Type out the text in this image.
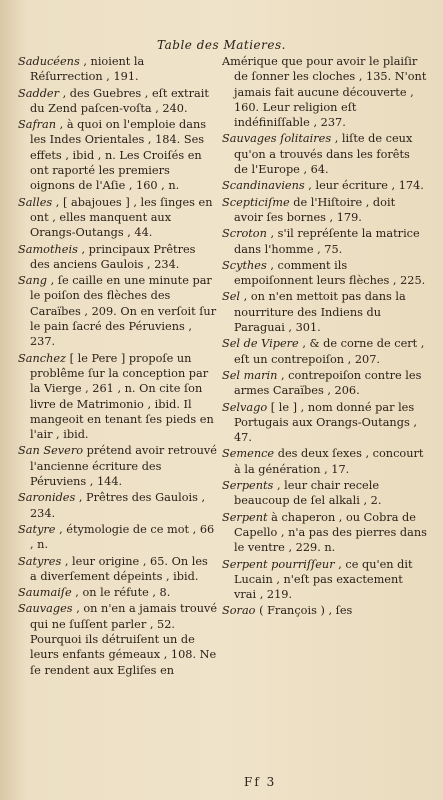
Table des Matieres.

Saducéens , nioient la Réſurrection , 191.

Sadder , des Guebres , eſt extrait du Zend paſcen-voſta , 240.

Safran , à quoi on l'emploie dans les Indes Orientales , 184. Ses effets , ibid , n. Les Croiſés en ont raporté les premiers oignons de l'Aſie , 160 , n.

Salles , [ abajoues ] , les ſinges en ont , elles manquent aux Orangs-Outangs , 44.

Samotheis , principaux Prêtres des anciens Gaulois , 234.

Sang , ſe caille en une minute par le poiſon des flèches des Caraïbes , 209. On en verſoit ſur le pain ſacré des Péruviens , 237.

Sanchez [ le Pere ] propoſe un problême ſur la conception par la Vierge , 261 , n. On cite ſon livre de Matrimonio , ibid. Il mangeoit en tenant ſes pieds en l'air , ibid.

San Severo prétend avoir retrouvé l'ancienne écriture des Péruviens , 144.

Saronides , Prêtres des Gaulois , 234.

Satyre , étymologie de ce mot , 66 , n.

Satyres , leur origine , 65. On les a diverſement dépeints , ibid.

Saumaiſe , on le réfute , 8.

Sauvages , on n'en a jamais trouvé qui ne ſuſſent parler , 52. Pourquoi ils détruiſent un de leurs enfants gémeaux , 108. Ne ſe rendent aux Egliſes en

Amérique que pour avoir le plaiſir de ſonner les cloches , 135. N'ont jamais fait aucune découverte , 160. Leur religion eſt indéfiniſſable , 237.

Sauvages ſolitaires , liſte de ceux qu'on a trouvés dans les forêts de l'Europe , 64.

Scandinaviens , leur écriture , 174.

Scepticiſme de l'Hiſtoire , doit avoir ſes bornes , 179.

Scroton , s'il repréſente la matrice dans l'homme , 75.

Scythes , comment ils empoiſonnent leurs flèches , 225.

Sel , on n'en mettoit pas dans la nourriture des Indiens du Paraguai , 301.

Sel de Vipere , & de corne de cert , eſt un contrepoiſon , 207.

Sel marin , contrepoiſon contre les armes Caraïbes , 206.

Selvago [ le ] , nom donné par les Portugais aux Orangs-Outangs , 47.

Semence des deux ſexes , concourt à la génération , 17.

Serpents , leur chair recele beaucoup de ſel alkali , 2.

Serpent à chaperon , ou Cobra de Capello , n'a pas des pierres dans le ventre , 229. n.

Serpent pourriſſeur , ce qu'en dit Lucain , n'eſt pas exactement vrai , 219.

Sorao ( François ) , ſes

Ff 3
